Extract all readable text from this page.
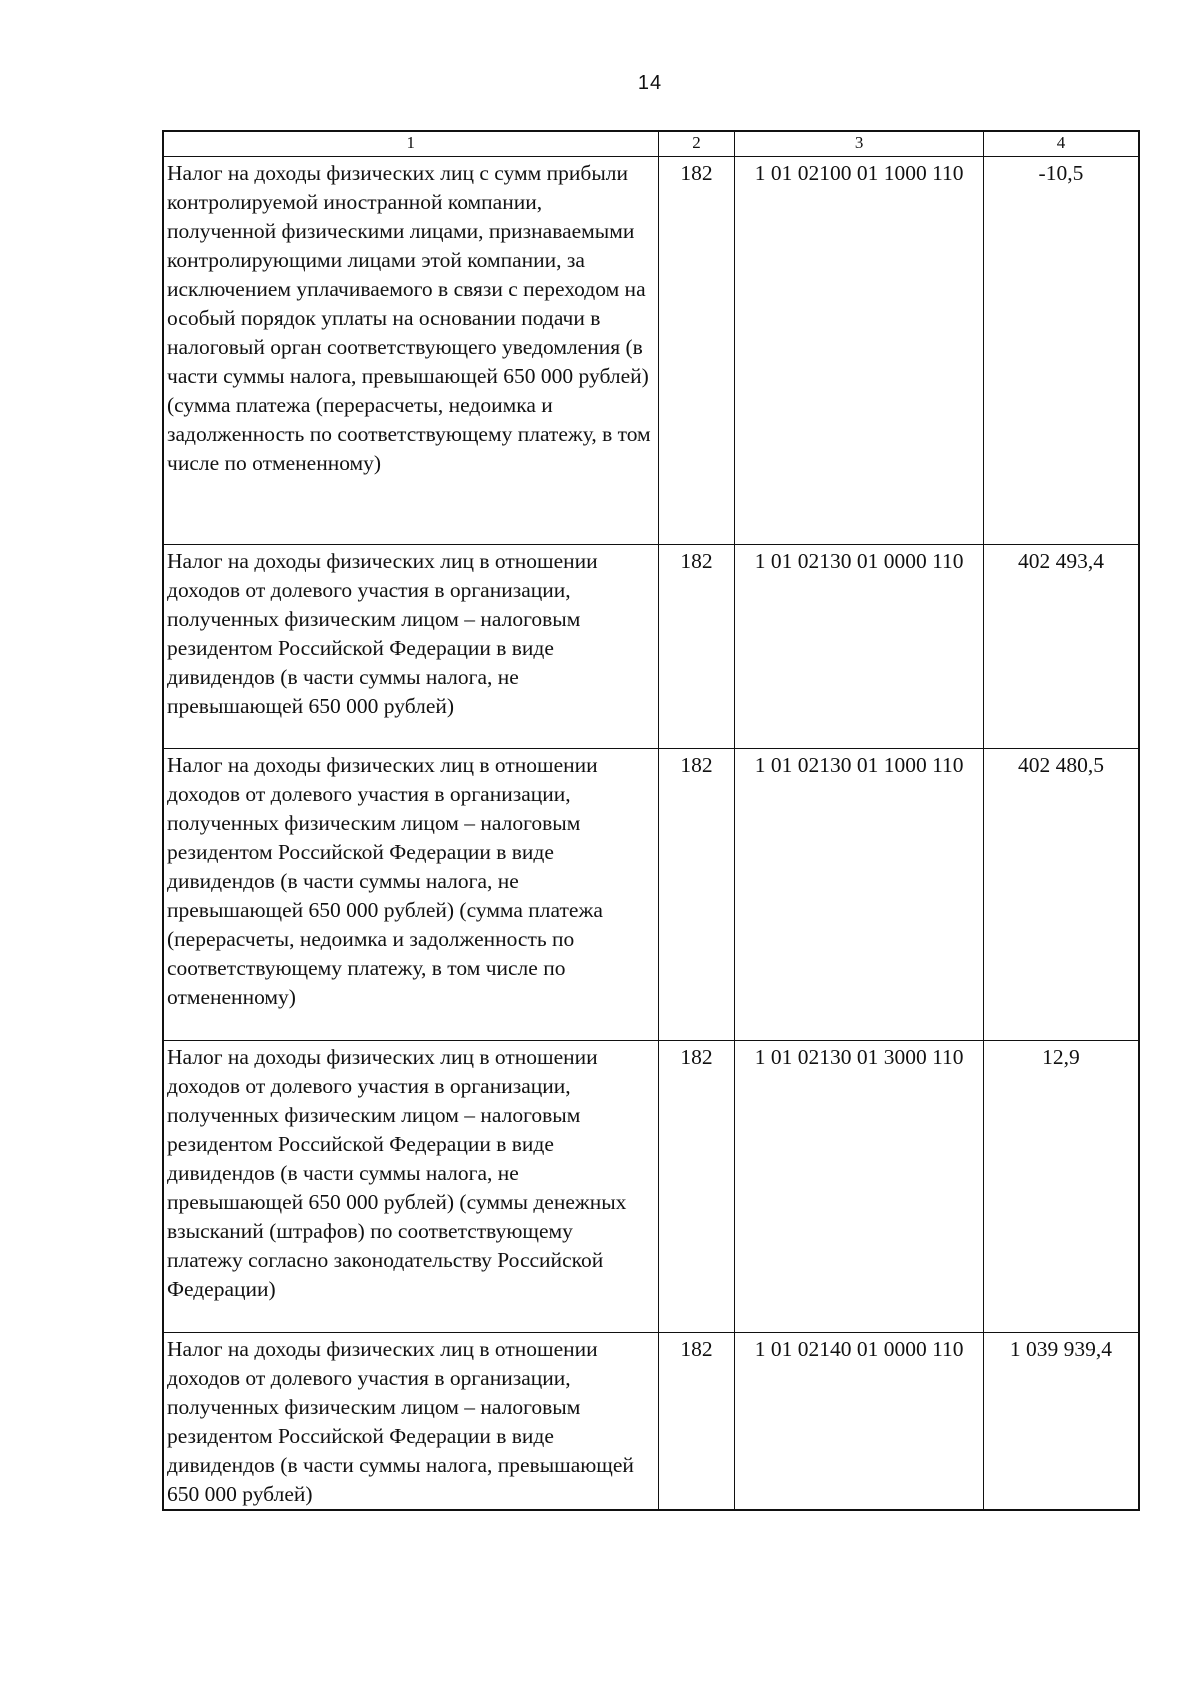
14
1	2	3	4
Налог на доходы физических лиц с сумм прибыли контролируемой иностранной компании, полученной физическими лицами, признаваемыми контролирующими лицами этой компании, за исключением уплачиваемого в связи с переходом на особый порядок уплаты на основании подачи в налоговый орган соответствующего уведомления (в части суммы налога, превышающей 650 000 рублей) (сумма платежа (перерасчеты, недоимка и задолженность по соответствующему платежу, в том числе по отмененному)	182	1 01 02100 01 1000 110	-10,5
Налог на доходы физических лиц в отношении доходов от долевого участия в организации, полученных физическим лицом – налоговым резидентом Российской Федерации в виде дивидендов (в части суммы налога, не превышающей 650 000 рублей)	182	1 01 02130 01 0000 110	402 493,4
Налог на доходы физических лиц в отношении доходов от долевого участия в организации, полученных физическим лицом – налоговым резидентом Российской Федерации в виде дивидендов (в части суммы налога, не превышающей 650 000 рублей) (сумма платежа (перерасчеты, недоимка и задолженность по соответствующему платежу, в том числе по отмененному)	182	1 01 02130 01 1000 110	402 480,5
Налог на доходы физических лиц в отношении доходов от долевого участия в организации, полученных физическим лицом – налоговым резидентом Российской Федерации в виде дивидендов (в части суммы налога, не превышающей 650 000 рублей) (суммы денежных взысканий (штрафов) по соответствующему платежу согласно законодательству Российской Федерации)	182	1 01 02130 01 3000 110	12,9
Налог на доходы физических лиц в отношении доходов от долевого участия в организации, полученных физическим лицом – налоговым резидентом Российской Федерации в виде дивидендов (в части суммы налога, превышающей 650 000 рублей)	182	1 01 02140 01 0000 110	1 039 939,4
